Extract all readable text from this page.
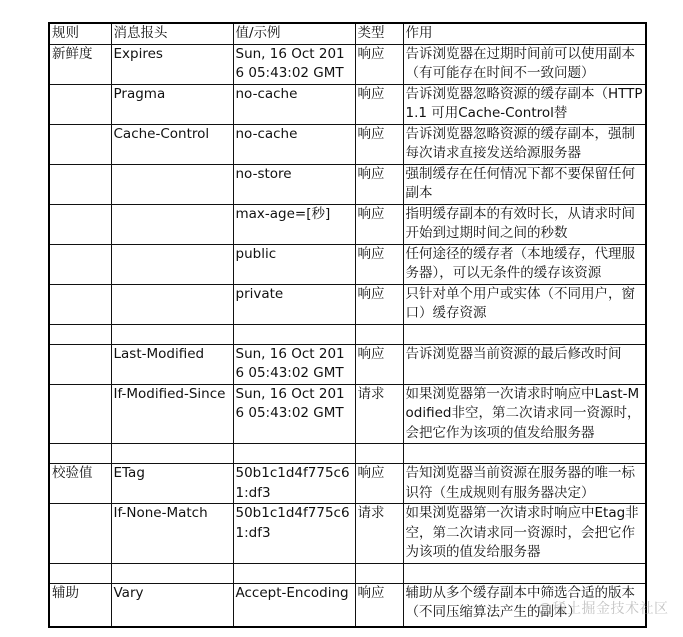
规则	消息报头	值/示例	类型	作用
新鲜度	Expires	Sun, 16 Oct 2016 05:43:02 GMT	响应	告诉浏览器在过期时间前可以使用副本（有可能存在时间不一致问题）
	Pragma	no-cache	响应	告诉浏览器忽略资源的缓存副本（HTTP1.1 可用Cache-Control替
	Cache-Control	no-cache	响应	告诉浏览器忽略资源的缓存副本，强制每次请求直接发送给源服务器
		no-store	响应	强制缓存在任何情况下都不要保留任何副本
		max-age=[秒]	响应	指明缓存副本的有效时长，从请求时间开始到过期时间之间的秒数
		public	响应	任何途径的缓存者（本地缓存，代理服务器），可以无条件的缓存该资源
		private	响应	只针对单个用户或实体（不同用户，窗口）缓存资源

	Last-Modified	Sun, 16 Oct 2016 05:43:02 GMT	响应	告诉浏览器当前资源的最后修改时间
	If-Modified-Since	Sun, 16 Oct 2016 05:43:02 GMT	请求	如果浏览器第一次请求时响应中Last-Modified非空，第二次请求同一资源时，会把它作为该项的值发给服务器

校验值	ETag	50b1c1d4f775c61:df3	响应	告知浏览器当前资源在服务器的唯一标识符（生成规则有服务器决定）
	If-None-Match	50b1c1d4f775c61:df3	请求	如果浏览器第一次请求时响应中Etag非空，第二次请求同一资源时，会把它作为该项的值发给服务器

辅助	Vary	Accept-Encoding	响应	辅助从多个缓存副本中筛选合适的版本（不同压缩算法产生的副本）
@稀土掘金技术社区
